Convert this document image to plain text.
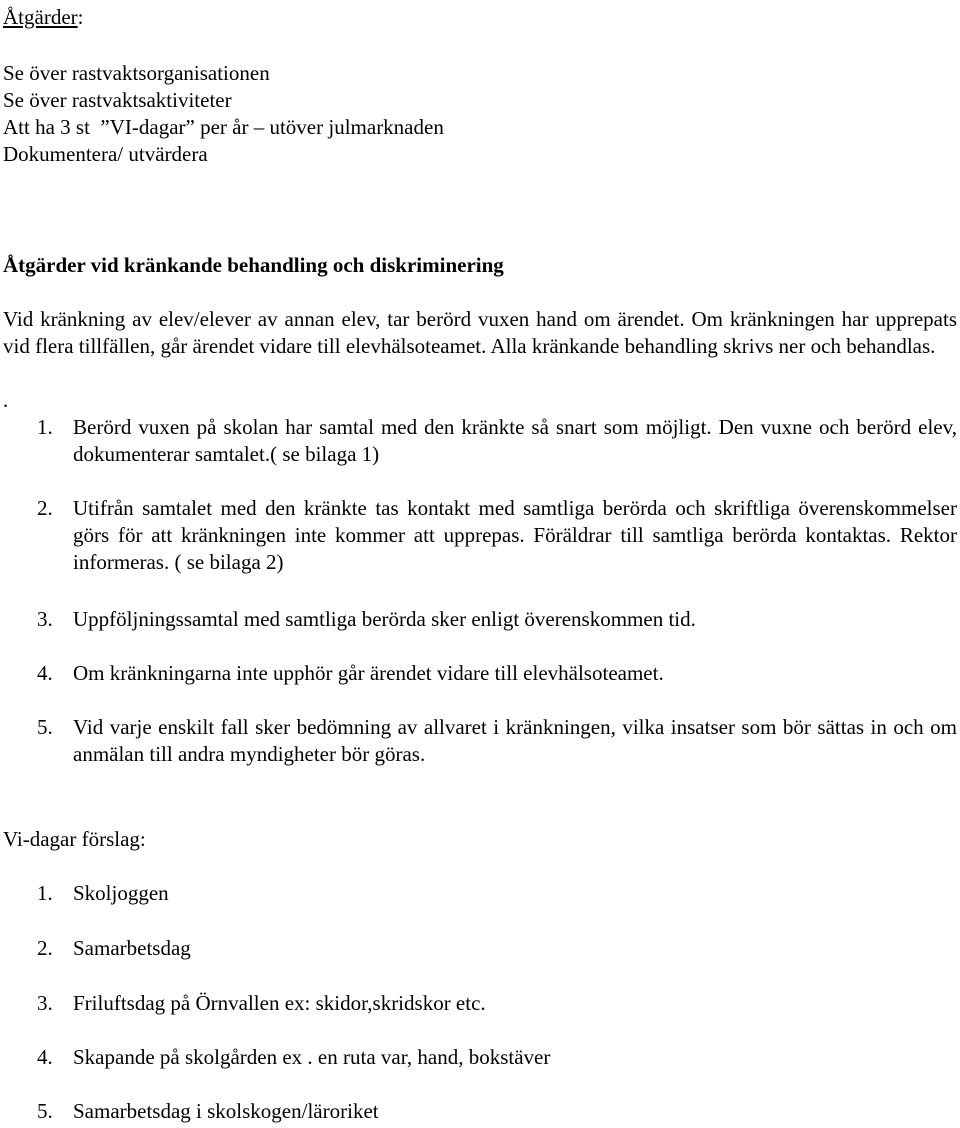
Åtgärder:

Se över rastvaktsorganisationen

Se över rastvaktsaktiviteter

Att ha 3 st  ”VI-dagar” per år – utöver julmarknaden

Dokumentera/ utvärdera

Åtgärder vid kränkande behandling och diskriminering
Vid kränkning av elev/elever av annan elev, tar berörd vuxen hand om ärendet. Om kränkningen har upprepats vid flera tillfällen, går ärendet vidare till elevhälsoteamet. Alla kränkande behandling skrivs ner och behandlas.
.
1. Berörd vuxen på skolan har samtal med den kränkte så snart som möjligt. Den vuxne och berörd elev, dokumenterar samtalet.( se bilaga 1)
2. Utifrån samtalet med den kränkte tas kontakt med samtliga berörda och skriftliga överenskommelser görs för att kränkningen inte kommer att upprepas. Föräldrar till samtliga berörda kontaktas. Rektor informeras. ( se bilaga 2)
3. Uppföljningssamtal med samtliga berörda sker enligt överenskommen tid.
4. Om kränkningarna inte upphör går ärendet vidare till elevhälsoteamet.
5. Vid varje enskilt fall sker bedömning av allvaret i kränkningen, vilka insatser som bör sättas in och om anmälan till andra myndigheter bör göras.
Vi-dagar förslag:
1. Skoljoggen
2. Samarbetsdag
3. Friluftsdag på Örnvallen ex: skidor,skridskor etc.
4. Skapande på skolgården ex . en ruta var, hand, bokstäver
5. Samarbetsdag i skolskogen/läroriket
